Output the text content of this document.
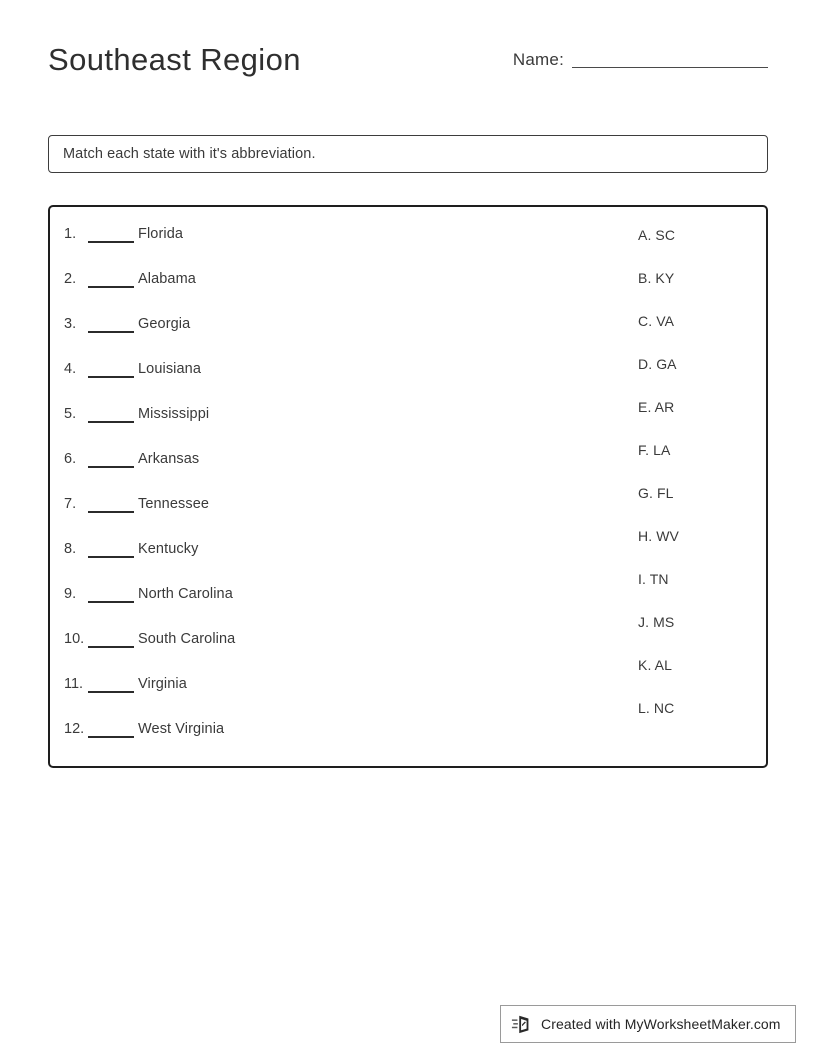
Southeast Region	Name:
Match each state with it's abbreviation.
1.	Florida
2.	Alabama
3.	Georgia
4.	Louisiana
5.	Mississippi
6.	Arkansas
7.	Tennessee
8.	Kentucky
9.	North Carolina
10.	South Carolina
11.	Virginia
12.	West Virginia
A. SC
B. KY
C. VA
D. GA
E. AR
F. LA
G. FL
H. WV
I. TN
J. MS
K. AL
L. NC
Created with MyWorksheetMaker.com
